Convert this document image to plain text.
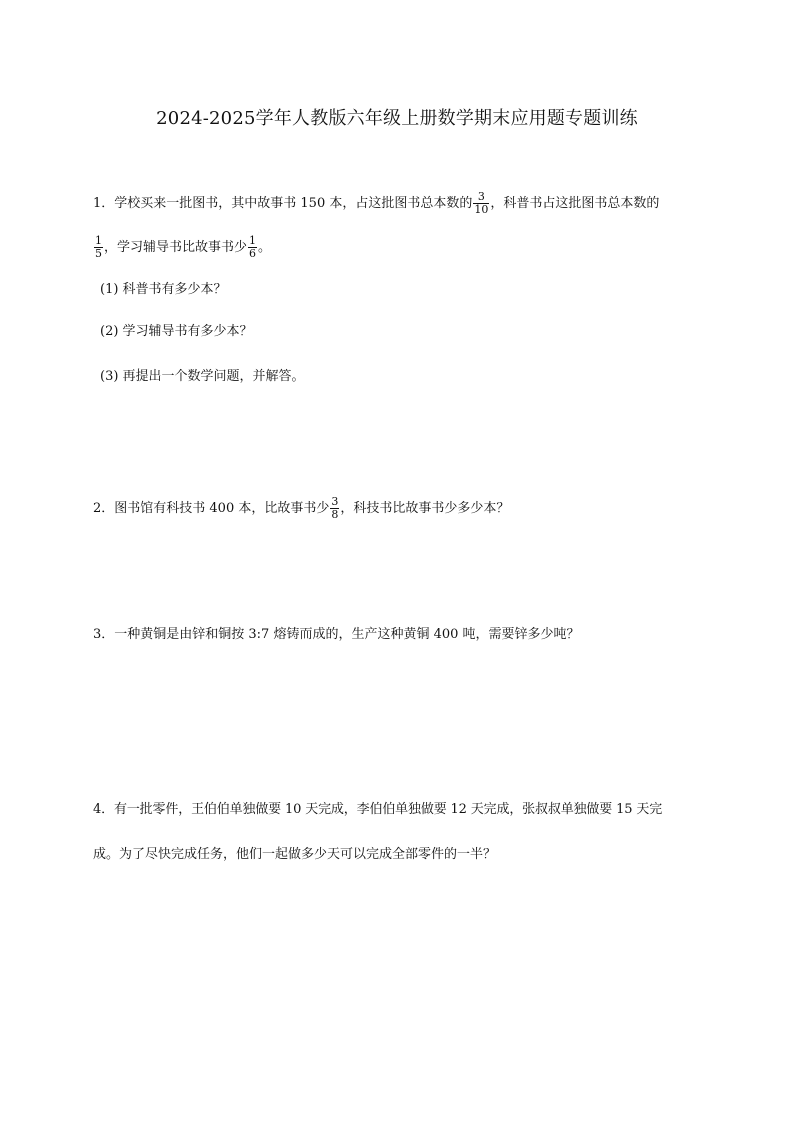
2024-2025学年人教版六年级上册数学期末应用题专题训练
1．学校买来一批图书，其中故事书 150 本，占这批图书总本数的 $\frac{3}{10}$ ，科普书占这批图书总本数的
$\frac{1}{5}$ ，学习辅导书比故事书少 $\frac{1}{6}$ 。
(1) 科普书有多少本？
(2) 学习辅导书有多少本？
(3) 再提出一个数学问题，并解答。
2．图书馆有科技书 400 本，比故事书少 $\frac{3}{8}$ ，科技书比故事书少多少本？
3．一种黄铜是由锌和铜按 3:7 熔铸而成的，生产这种黄铜 400 吨，需要锌多少吨？
4．有一批零件，王伯伯单独做要 10 天完成，李伯伯单独做要 12 天完成，张叔叔单独做要 15 天完
成。为了尽快完成任务，他们一起做多少天可以完成全部零件的一半？
